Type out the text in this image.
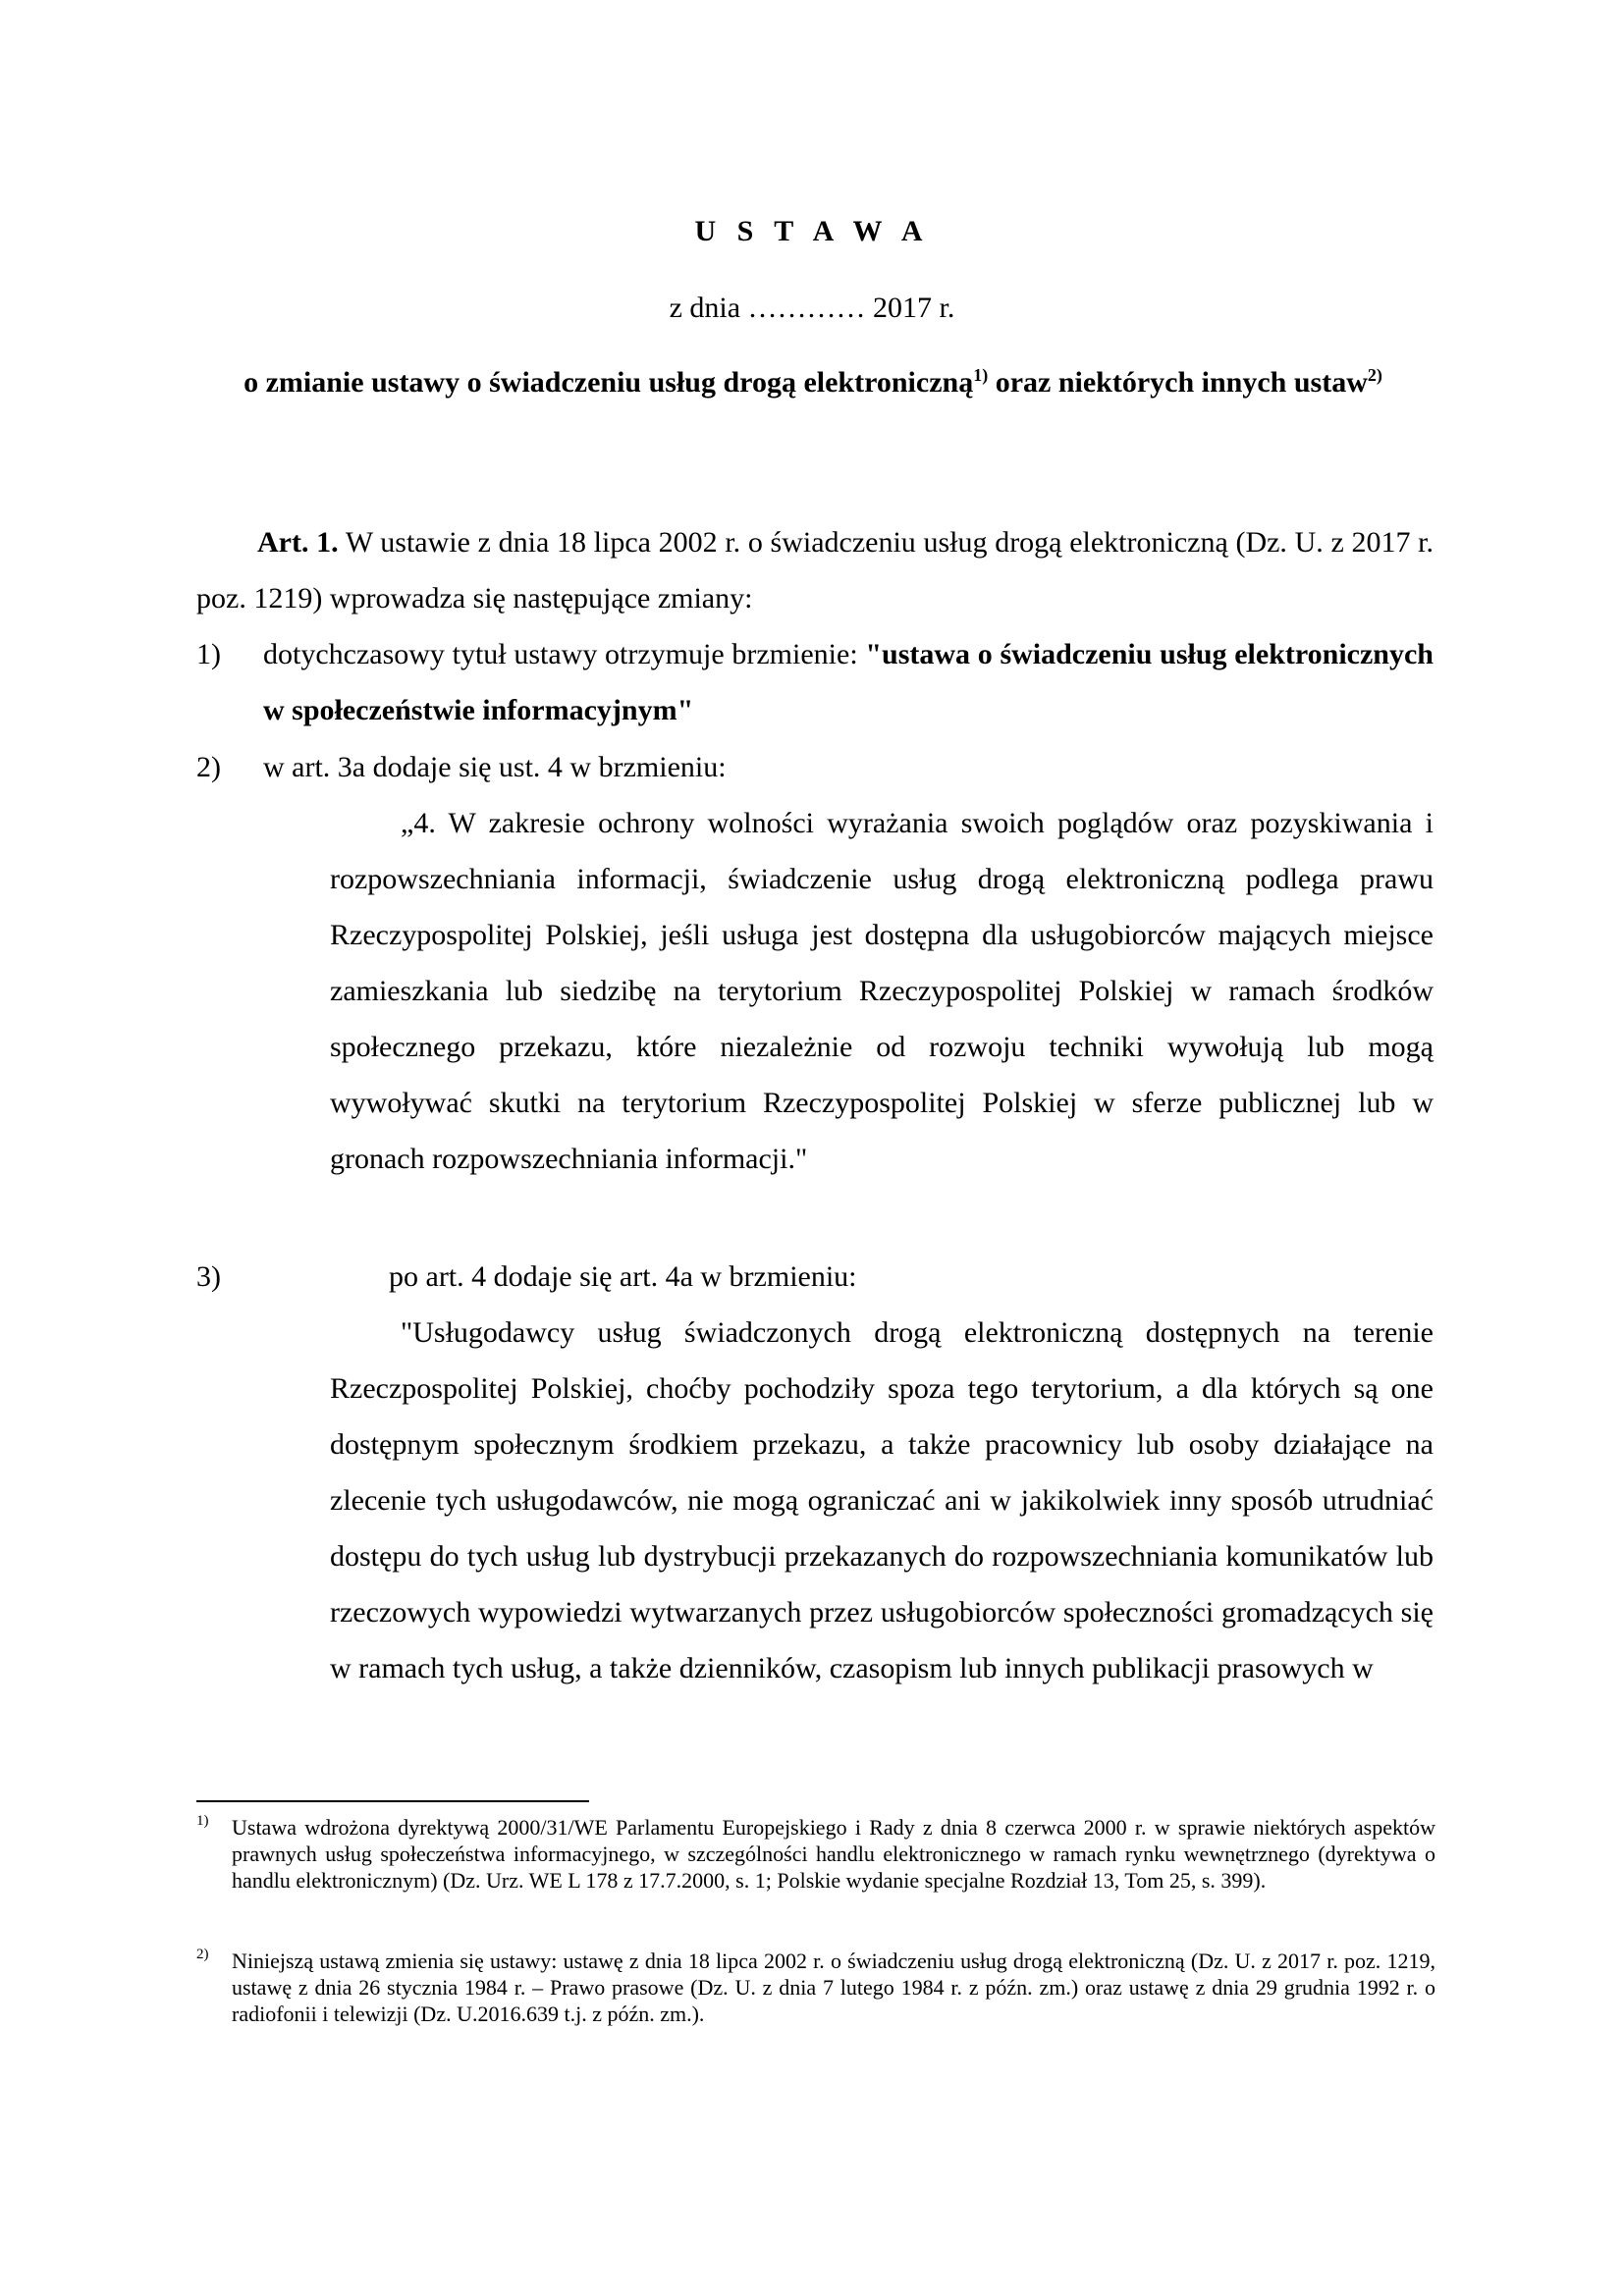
U S T A W A
z dnia ………… 2017 r.
o zmianie ustawy o świadczeniu usług drogą elektroniczną$^{1)}$ oraz niektórych innych ustaw$^{2)}$

Art. 1. W ustawie z dnia 18 lipca 2002 r. o świadczeniu usług drogą elektroniczną (Dz. U. z 2017 r. poz. 1219) wprowadza się następujące zmiany:

1) dotychczasowy tytuł ustawy otrzymuje brzmienie: "ustawa o świadczeniu usług elektronicznych w społeczeństwie informacyjnym"

2) w art. 3a dodaje się ust. 4 w brzmieniu:

„4. W zakresie ochrony wolności wyrażania swoich poglądów oraz pozyskiwania i rozpowszechniania informacji, świadczenie usług drogą elektroniczną podlega prawu Rzeczypospolitej Polskiej, jeśli usługa jest dostępna dla usługobiorców mających miejsce zamieszkania lub siedzibę na terytorium Rzeczypospolitej Polskiej w ramach środków społecznego przekazu, które niezależnie od rozwoju techniki wywołują lub mogą wywoływać skutki na terytorium Rzeczypospolitej Polskiej w sferze publicznej lub w gronach rozpowszechniania informacji."

3)	po art. 4 dodaje się art. 4a w brzmieniu:

"Usługodawcy usług świadczonych drogą elektroniczną dostępnych na terenie Rzeczpospolitej Polskiej, choćby pochodziły spoza tego terytorium, a dla których są one dostępnym społecznym środkiem przekazu, a także pracownicy lub osoby działające na zlecenie tych usługodawców, nie mogą ograniczać ani w jakikolwiek inny sposób utrudniać dostępu do tych usług lub dystrybucji przekazanych do rozpowszechniania komunikatów lub rzeczowych wypowiedzi wytwarzanych przez usługobiorców społeczności gromadzących się w ramach tych usług, a także dzienników, czasopism lub innych publikacji prasowych w

1) Ustawa wdrożona dyrektywą 2000/31/WE Parlamentu Europejskiego i Rady z dnia 8 czerwca 2000 r. w sprawie niektórych aspektów prawnych usług społeczeństwa informacyjnego, w szczególności handlu elektronicznego w ramach rynku wewnętrznego (dyrektywa o handlu elektronicznym) (Dz. Urz. WE L 178 z 17.7.2000, s. 1; Polskie wydanie specjalne Rozdział 13, Tom 25, s. 399).
2) Niniejszą ustawą zmienia się ustawy: ustawę z dnia 18 lipca 2002 r. o świadczeniu usług drogą elektroniczną (Dz. U. z 2017 r. poz. 1219, ustawę z dnia 26 stycznia 1984 r. – Prawo prasowe (Dz. U. z dnia 7 lutego 1984 r. z późn. zm.) oraz ustawę z dnia 29 grudnia 1992 r. o radiofonii i telewizji (Dz. U.2016.639 t.j. z późn. zm.).
